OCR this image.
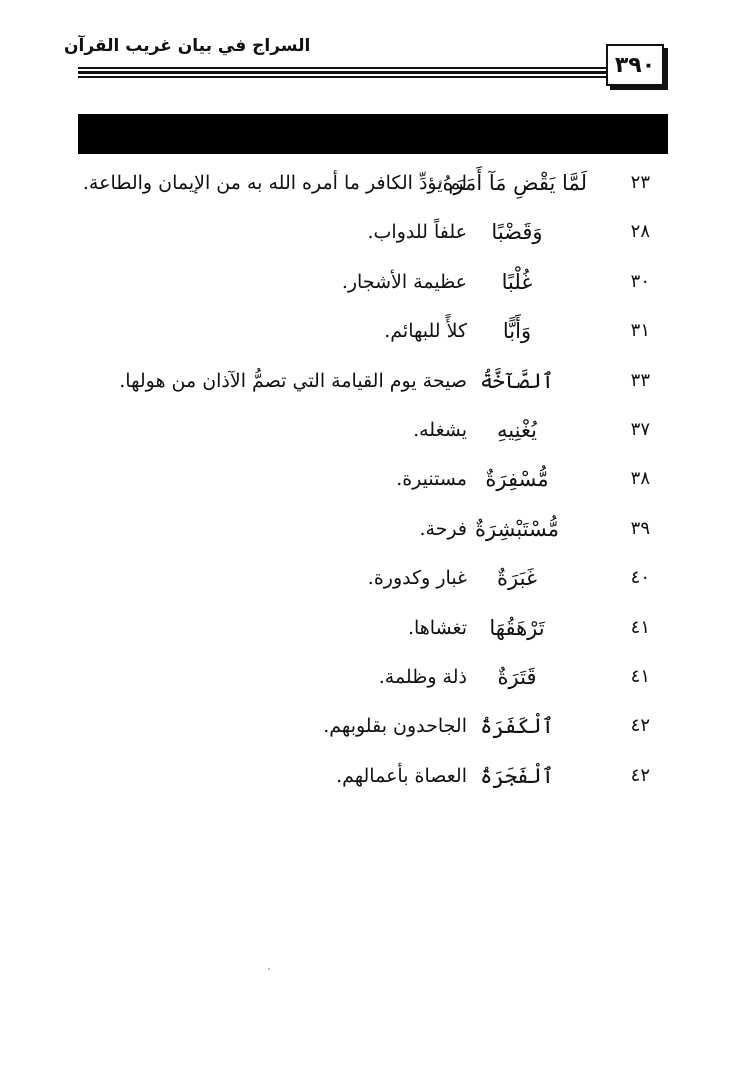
السراج في بيان غريب القرآن
٣٩٠
٢٣
لَمَّا يَقْضِ مَآ أَمَرَهُۥ
لم يؤدِّ الكافر ما أمره الله به من الإيمان والطاعة.
٢٨
وَقَضْبًا
علفاً للدواب.
٣٠
غُلْبًا
عظيمة الأشجار.
٣١
وَأَبًّا
كلأً للبهائم.
٣٣
ٱلصَّآخَّةُ
صيحة يوم القيامة التي تصمُّ الآذان من هولها.
٣٧
يُغْنِيهِ
يشغله.
٣٨
مُّسْفِرَةٌ
مستنيرة.
٣٩
مُّسْتَبْشِرَةٌ
فرحة.
٤٠
غَبَرَةٌ
غبار وكدورة.
٤١
تَرْهَقُهَا
تغشاها.
٤١
قَتَرَةٌ
ذلة وظلمة.
٤٢
ٱلْكَفَرَةُ
الجاحدون بقلوبهم.
٤٢
ٱلْفَجَرَةُ
العصاة بأعمالهم.
